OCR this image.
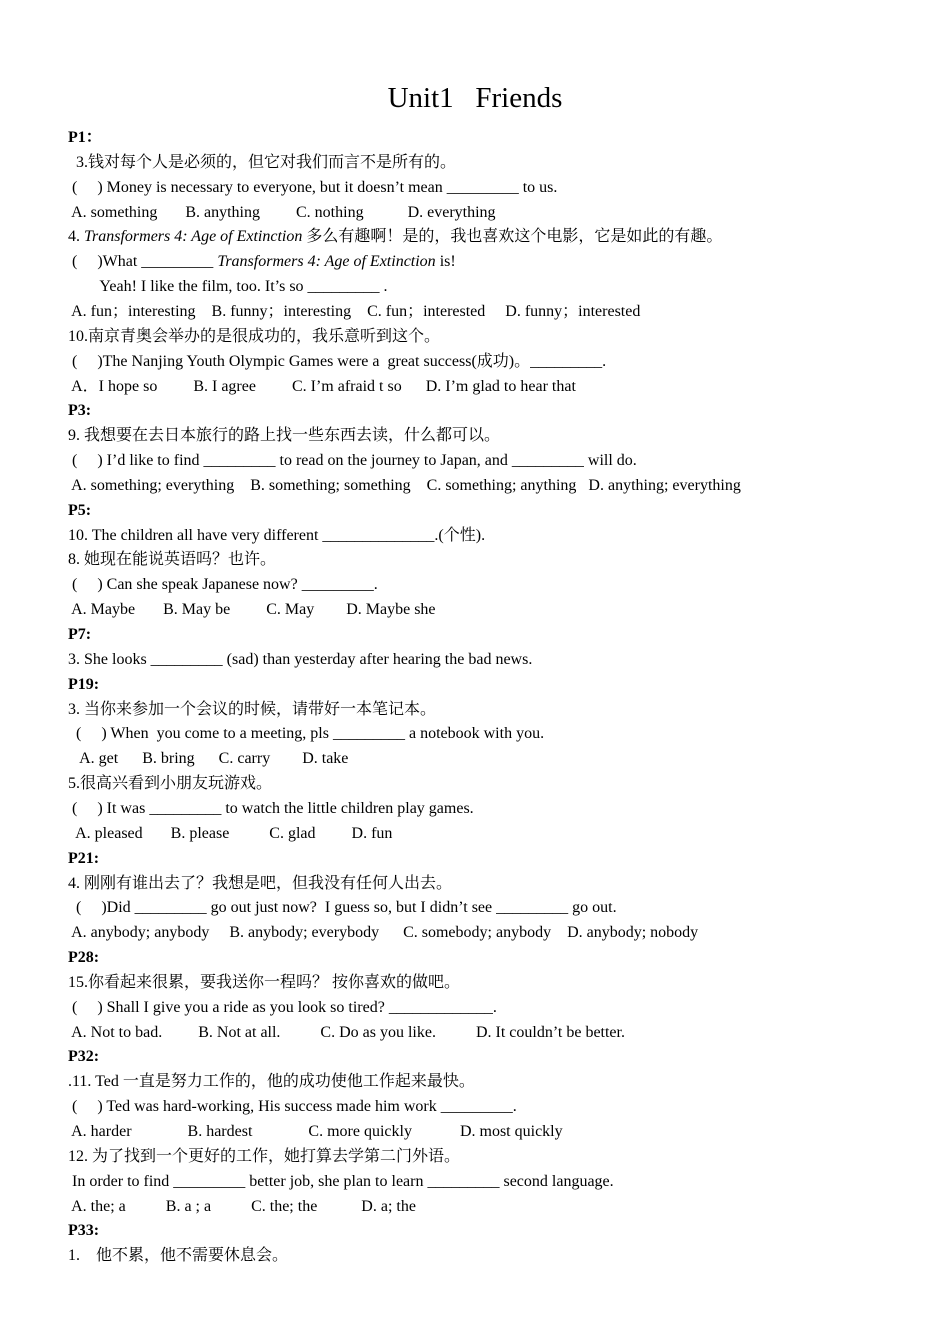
Unit1   Friends
P1：
3.钱对每个人是必须的，但它对我们而言不是所有的。
(     ) Money is necessary to everyone, but it doesn’t mean _________ to us.
A. something       B. anything         C. nothing           D. everything
4. Transformers 4: Age of Extinction 多么有趣啊！是的，我也喜欢这个电影，它是如此的有趣。
(     )What _________ Transformers 4: Age of Extinction is!
Yeah! I like the film, too. It’s so _________ .
A. fun；interesting    B. funny；interesting    C. fun；interested     D. funny；interested
10.南京青奥会举办的是很成功的，我乐意听到这个。
(     )The Nanjing Youth Olympic Games were a  great success(成功)。_________.
A．I hope so         B. I agree         C. I’m afraid t so      D. I’m glad to hear that
P3:
9. 我想要在去日本旅行的路上找一些东西去读，什么都可以。
(     ) I’d like to find _________ to read on the journey to Japan, and _________ will do.
A. something; everything    B. something; something    C. something; anything   D. anything; everything
P5:
10. The children all have very different ______________.(个性).
8. 她现在能说英语吗？也许。
(     ) Can she speak Japanese now? _________.
A. Maybe       B. May be         C. May        D. Maybe she
P7:
3. She looks _________ (sad) than yesterday after hearing the bad news.
P19:
3. 当你来参加一个会议的时候，请带好一本笔记本。
(     ) When  you come to a meeting, pls _________ a notebook with you.
A. get      B. bring      C. carry        D. take
5.很高兴看到小朋友玩游戏。
(     ) It was _________ to watch the little children play games.
A. pleased       B. please          C. glad         D. fun
P21:
4. 刚刚有谁出去了？我想是吧，但我没有任何人出去。
(     )Did _________ go out just now?  I guess so, but I didn’t see _________ go out.
A. anybody; anybody     B. anybody; everybody      C. somebody; anybody    D. anybody; nobody
P28:
15.你看起来很累，要我送你一程吗？ 按你喜欢的做吧。
(     ) Shall I give you a ride as you look so tired? _____________.
A. Not to bad.         B. Not at all.          C. Do as you like.          D. It couldn’t be better.
P32:
.11. Ted 一直是努力工作的，他的成功使他工作起来最快。
(     ) Ted was hard-working, His success made him work _________.
A. harder              B. hardest              C. more quickly            D. most quickly
12. 为了找到一个更好的工作，她打算去学第二门外语。
In order to find _________ better job, she plan to learn _________ second language.
A. the; a          B. a ; a          C. the; the           D. a; the
P33:
1.    他不累，他不需要休息会。
